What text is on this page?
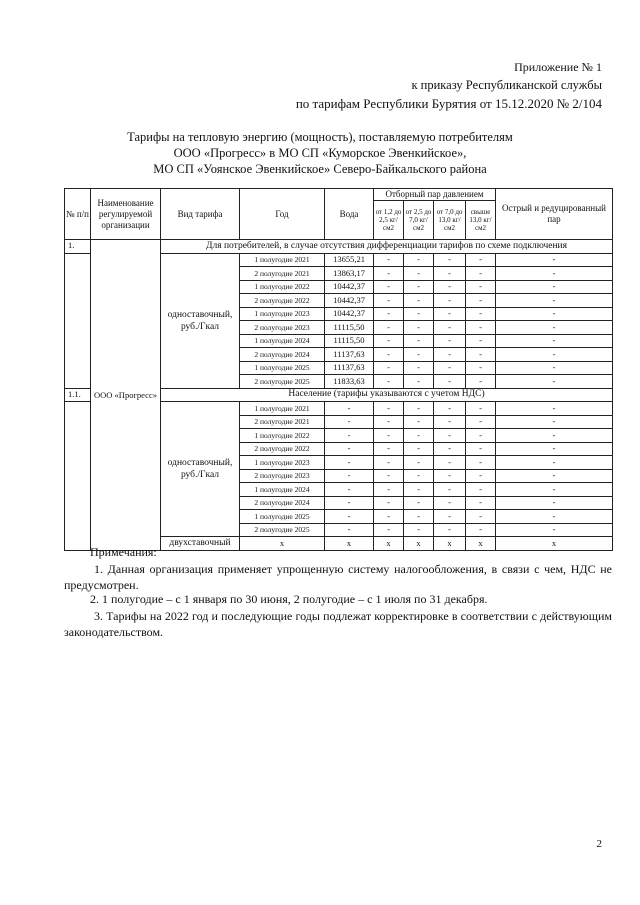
Приложение № 1
к приказу Республиканской службы
по тарифам Республики Бурятия от 15.12.2020 № 2/104
Тарифы на тепловую энергию (мощность), поставляемую потребителям
ООО «Прогресс» в МО СП «Куморское Эвенкийское»,
МО СП «Уоянское Эвенкийское» Северо-Байкальского района
№ п/п	Наименование регулируемой организации	Вид тарифа	Год	Вода	Отборный пар давлением				Острый и редуцированный пар
					от 1,2 до 2,5 кг/см2	от 2,5 до 7,0 кг/см2	от 7,0 до 13,0 кг/см2	свыше 13,0 кг/см2	
1.	ООО «Прогресс»	Для потребителей, в случае отсутствия дифференциации тарифов по схеме подключения							
		одноставочный, руб./Гкал	1 полугодие 2021	13655,21	-	-	-	-	-
			2 полугодие 2021	13863,17	-	-	-	-	-
			1 полугодие 2022	10442,37	-	-	-	-	-
			2 полугодие 2022	10442,37	-	-	-	-	-
			1 полугодие 2023	10442,37	-	-	-	-	-
			2 полугодие 2023	11115,50	-	-	-	-	-
			1 полугодие 2024	11115,50	-	-	-	-	-
			2 полугодие 2024	11137,63	-	-	-	-	-
			1 полугодие 2025	11137,63	-	-	-	-	-
			2 полугодие 2025	11833,63	-	-	-	-	-
1.1.		Население (тарифы указываются с учетом НДС)							
		одноставочный, руб./Гкал	1 полугодие 2021	-	-	-	-	-	-
			2 полугодие 2021	-	-	-	-	-	-
			1 полугодие 2022	-	-	-	-	-	-
			2 полугодие 2022	-	-	-	-	-	-
			1 полугодие 2023	-	-	-	-	-	-
			2 полугодие 2023	-	-	-	-	-	-
			1 полугодие 2024	-	-	-	-	-	-
			2 полугодие 2024	-	-	-	-	-	-
			1 полугодие 2025	-	-	-	-	-	-
			2 полугодие 2025	-	-	-	-	-	-
		двухставочный	х	х	х	х	х	х	х
Примечания:
1. Данная организация применяет упрощенную систему налогообложения, в связи с чем, НДС не предусмотрен.
2. 1 полугодие – с 1 января по 30 июня, 2 полугодие – с 1 июля по 31 декабря.
3. Тарифы на 2022 год и последующие годы подлежат корректировке в соответствии с действующим законодательством.
2
